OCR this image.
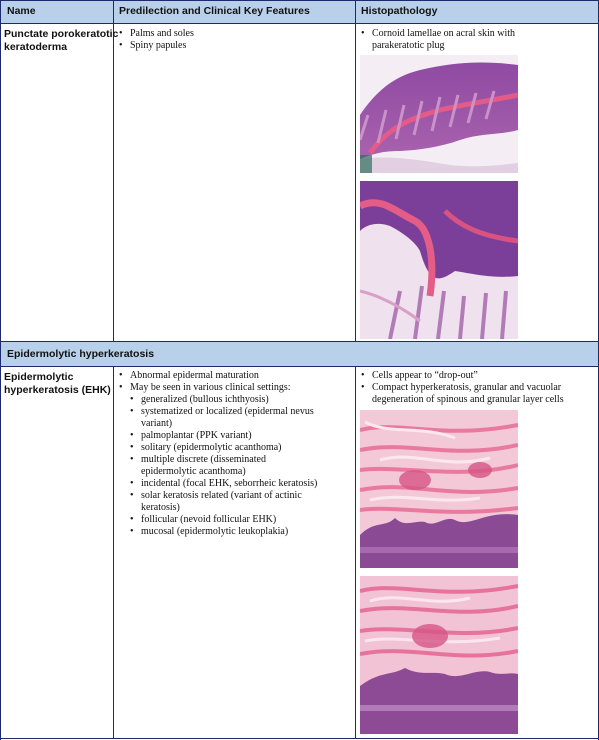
Name	Predilection and Clinical Key Features	Histopathology
Punctate porokeratotic
keratoderma
• Palms and soles
• Spiny papules
• Cornoid lamellae on acral skin with
parakeratotic plug
Epidermolytic hyperkeratosis
Epidermolytic
hyperkeratosis (EHK)
• Abnormal epidermal maturation
• May be seen in various clinical settings:
• generalized (bullous ichthyosis)
• systematized or localized (epidermal nevus
variant)
• palmoplantar (PPK variant)
• solitary (epidermolytic acanthoma)
• multiple discrete (disseminated
epidermolytic acanthoma)
• incidental (focal EHK, seborrheic keratosis)
• solar keratosis related (variant of actinic
keratosis)
• follicular (nevoid follicular EHK)
• mucosal (epidermolytic leukoplakia)
• Cells appear to “drop-out”
• Compact hyperkeratosis, granular and vacuolar
degeneration of spinous and granular layer cells
